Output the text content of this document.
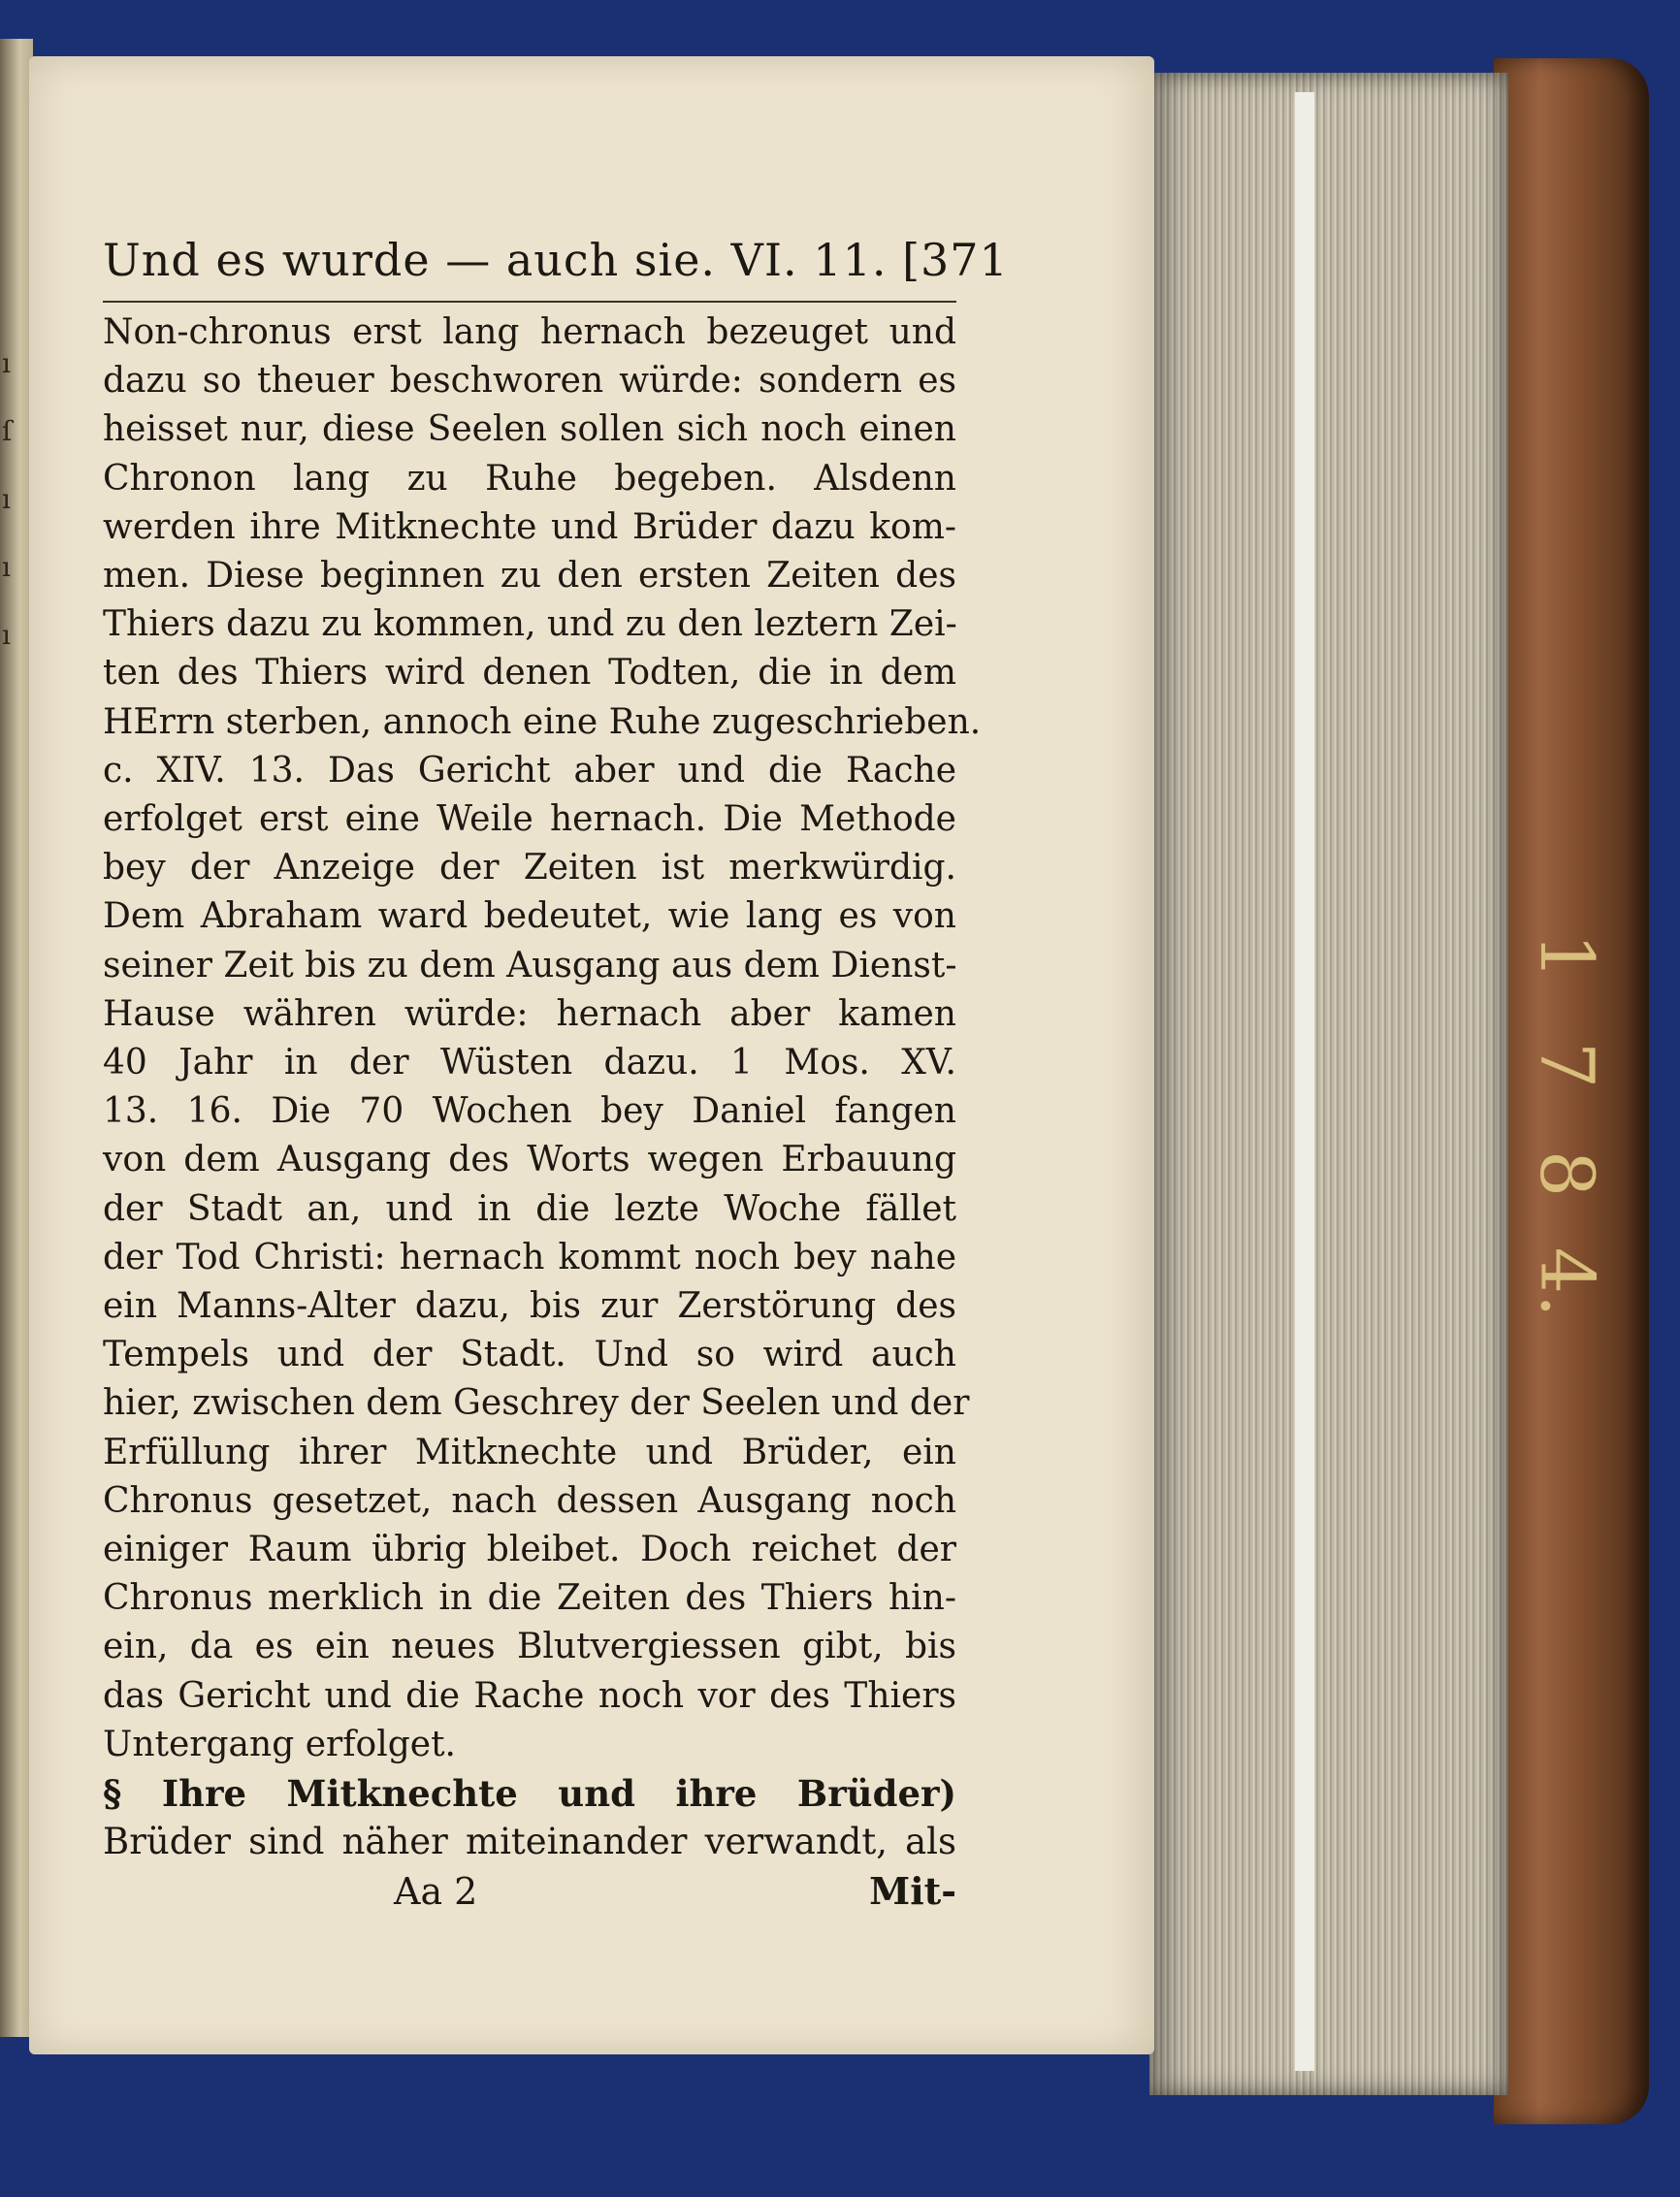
ı
ſ
ı
ı
ı
1
7
8
4.
Und es wurde — auch sie. VI. 11. [371
Non-chronus erst lang hernach bezeuget und
dazu so theuer beschworen würde: sondern es
heisset nur, diese Seelen sollen sich noch einen
Chronon lang zu Ruhe begeben. Alsdenn
werden ihre Mitknechte und Brüder dazu kom-
men. Diese beginnen zu den ersten Zeiten des
Thiers dazu zu kommen, und zu den leztern Zei-
ten des Thiers wird denen Todten, die in dem
HErrn sterben, annoch eine Ruhe zugeschrieben.
c. XIV. 13. Das Gericht aber und die Rache
erfolget erst eine Weile hernach. Die Methode
bey der Anzeige der Zeiten ist merkwürdig.
Dem Abraham ward bedeutet, wie lang es von
seiner Zeit bis zu dem Ausgang aus dem Dienst-
Hause währen würde: hernach aber kamen
40 Jahr in der Wüsten dazu. 1 Mos. XV.
13. 16. Die 70 Wochen bey Daniel fangen
von dem Ausgang des Worts wegen Erbauung
der Stadt an, und in die lezte Woche fället
der Tod Christi: hernach kommt noch bey nahe
ein Manns-Alter dazu, bis zur Zerstörung des
Tempels und der Stadt. Und so wird auch
hier, zwischen dem Geschrey der Seelen und der
Erfüllung ihrer Mitknechte und Brüder, ein
Chronus gesetzet, nach dessen Ausgang noch
einiger Raum übrig bleibet. Doch reichet der
Chronus merklich in die Zeiten des Thiers hin-
ein, da es ein neues Blutvergiessen gibt, bis
das Gericht und die Rache noch vor des Thiers
Untergang erfolget.
§ Ihre Mitknechte und ihre Brüder)
Brüder sind näher miteinander verwandt, als
Aa 2	Mit-
